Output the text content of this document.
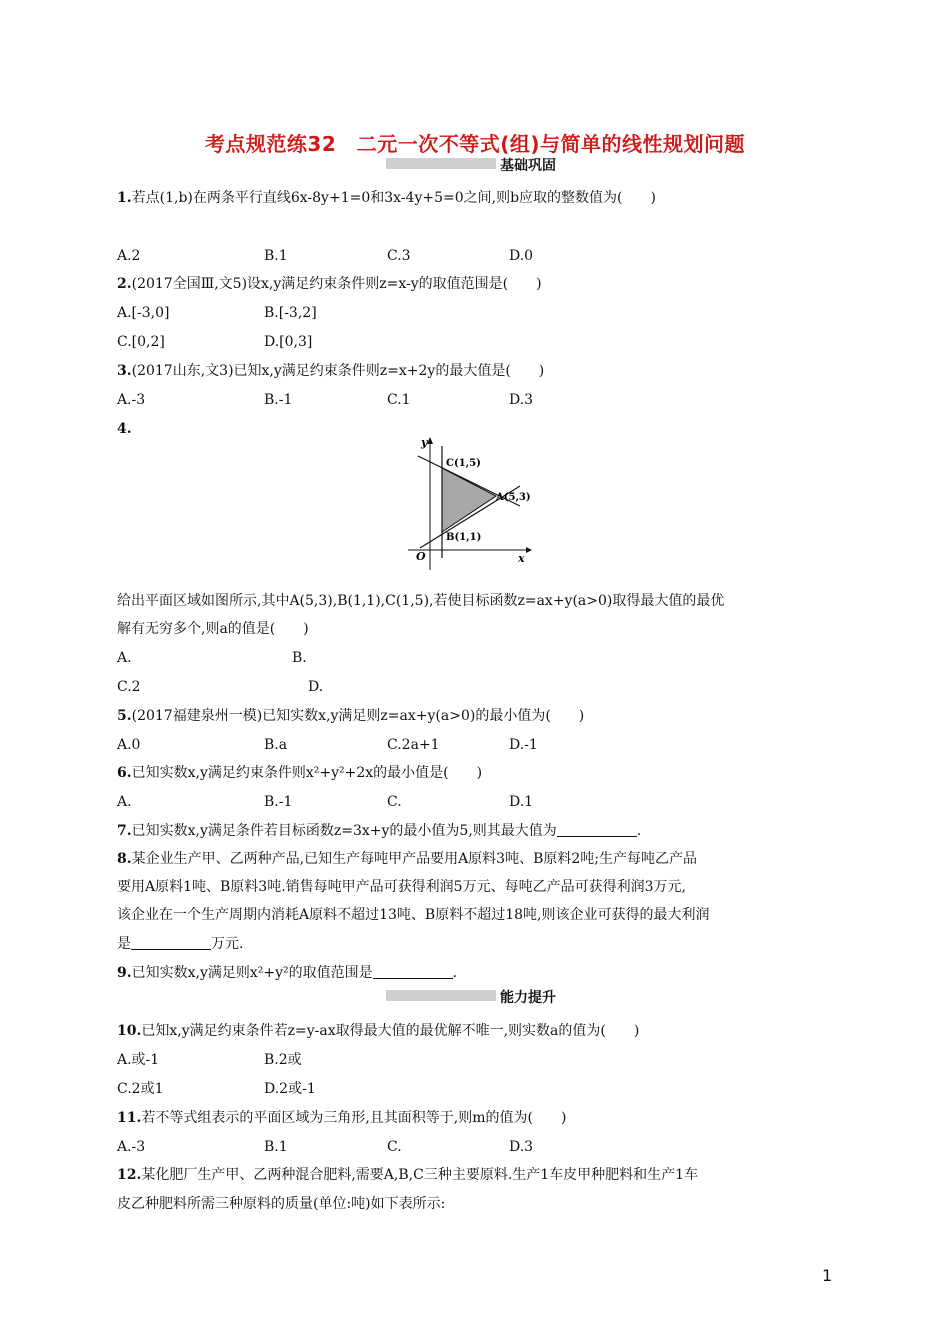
考点规范练32　二元一次不等式(组)与简单的线性规划问题
基础巩固
1.若点(1,b)在两条平行直线6x-8y+1=0和3x-4y+5=0之间,则b应取的整数值为(　　)
A.2	B.1	C.3	D.0
2.(2017全国Ⅲ,文5)设x,y满足约束条件则z=x-y的取值范围是(　　)
A.[-3,0]	B.[-3,2]
C.[0,2]	D.[0,3]
3.(2017山东,文3)已知x,y满足约束条件则z=x+2y的最大值是(　　)
A.-3	B.-1	C.1	D.3
4.
y
x
O
C(1,5)
A(5,3)
B(1,1)
给出平面区域如图所示,其中A(5,3),B(1,1),C(1,5),若使目标函数z=ax+y(a>0)取得最大值的最优
解有无穷多个,则a的值是(　　)
A.	B.
C.2	D.
5.(2017福建泉州一模)已知实数x,y满足则z=ax+y(a>0)的最小值为(　　)
A.0	B.a	C.2a+1	D.-1
6.已知实数x,y满足约束条件则x²+y²+2x的最小值是(　　)
A.	B.-1	C.	D.1
7.已知实数x,y满足条件若目标函数z=3x+y的最小值为5,则其最大值为	.
8.某企业生产甲、乙两种产品,已知生产每吨甲产品要用A原料3吨、B原料2吨;生产每吨乙产品
要用A原料1吨、B原料3吨.销售每吨甲产品可获得利润5万元、每吨乙产品可获得利润3万元,
该企业在一个生产周期内消耗A原料不超过13吨、B原料不超过18吨,则该企业可获得的最大利润
是	万元.
9.已知实数x,y满足则x²+y²的取值范围是	.
能力提升
10.已知x,y满足约束条件若z=y-ax取得最大值的最优解不唯一,则实数a的值为(　　)
A.或-1	B.2或
C.2或1	D.2或-1
11.若不等式组表示的平面区域为三角形,且其面积等于,则m的值为(　　)
A.-3	B.1	C.	D.3
12.某化肥厂生产甲、乙两种混合肥料,需要A,B,C三种主要原料.生产1车皮甲种肥料和生产1车
皮乙种肥料所需三种原料的质量(单位:吨)如下表所示:
1
